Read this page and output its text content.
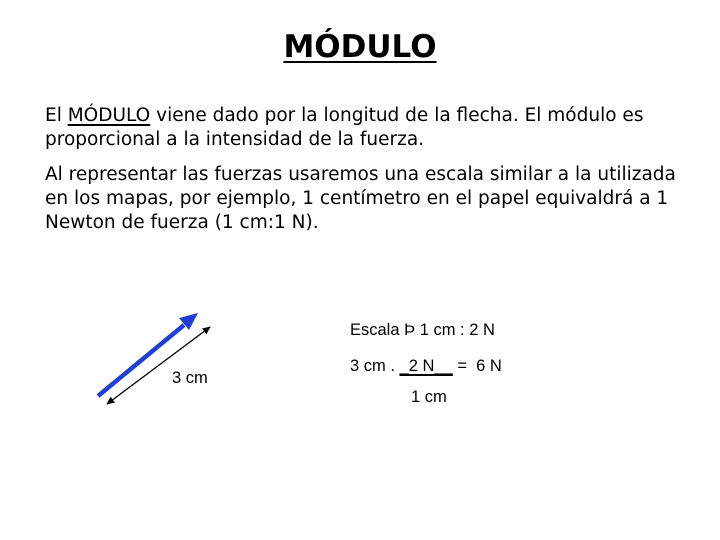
MÓDULO

El MÓDULO viene dado por la longitud de la flecha. El módulo es proporcional a la intensidad de la fuerza.

Al representar las fuerzas usaremos una escala similar a la utilizada en los mapas, por ejemplo, 1 centímetro en el papel equivaldrá a 1 Newton de fuerza (1 cm:1 N).

3 cm
Escala Þ 1 cm : 2 N
3 cm . _2 N__ =  6 N
1 cm
